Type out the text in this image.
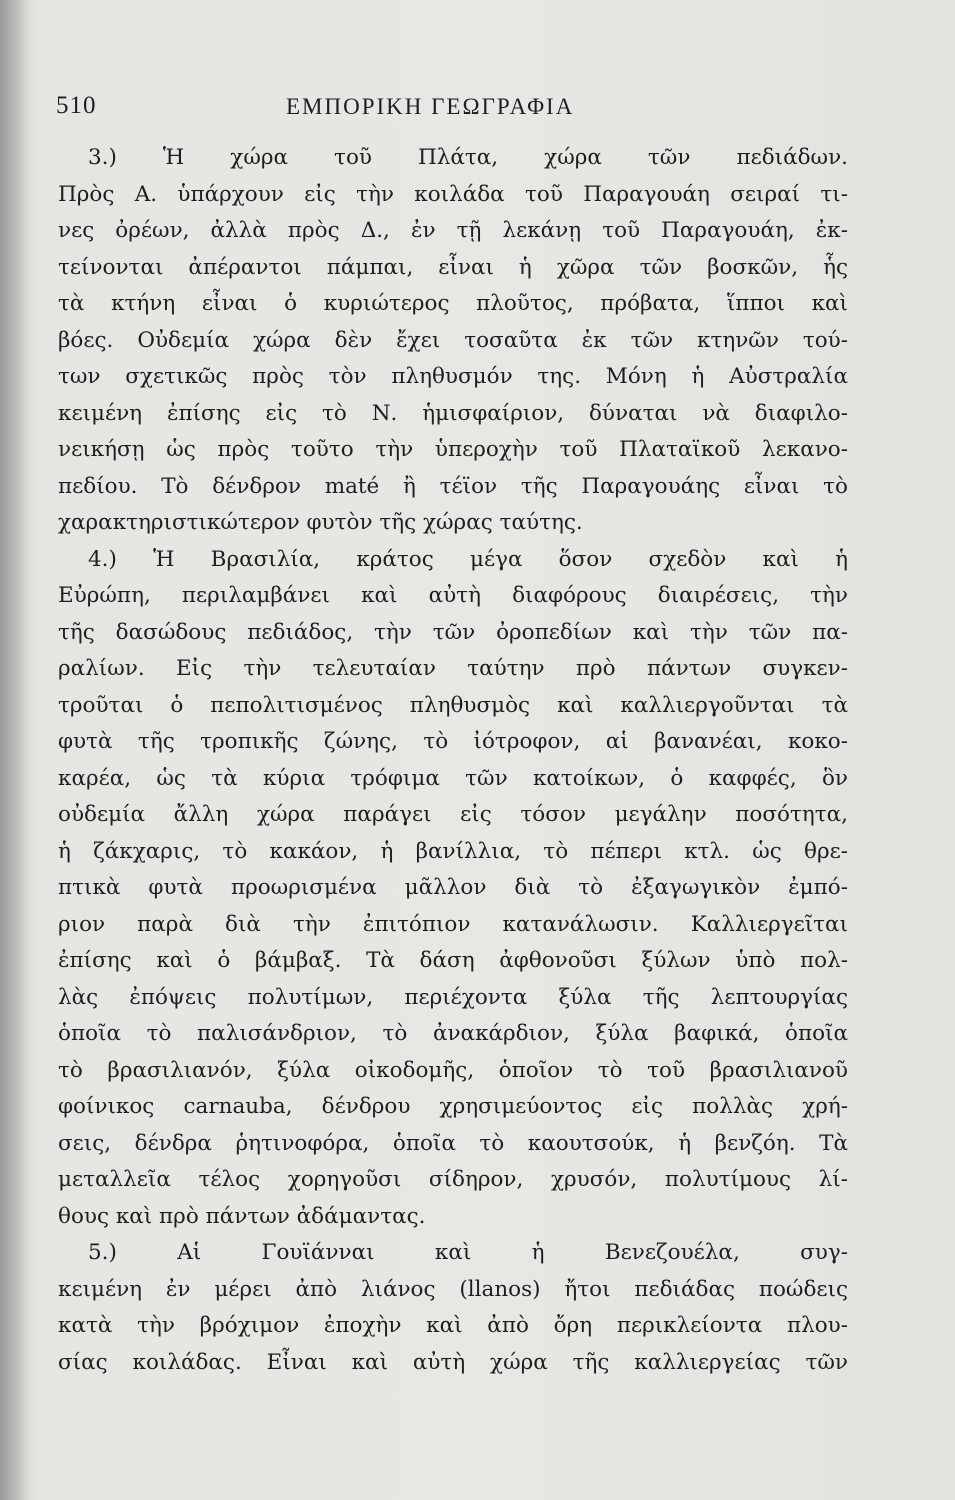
510	ΕΜΠΟΡΙΚΗ ΓΕΩΓΡΑΦΙΑ
3.) Ἡ χώρα τοῦ Πλάτα, χώρα τῶν πεδιάδων.
Πρὸς Α. ὑπάρχουν εἰς τὴν κοιλάδα τοῦ Παραγουάη σειραί τι-
νες ὀρέων, ἀλλὰ πρὸς Δ., ἐν τῇ λεκάνῃ τοῦ Παραγουάη, ἐκ-
τείνονται ἀπέραντοι πάμπαι, εἶναι ἡ χῶρα τῶν βοσκῶν, ἧς
τὰ κτήνη εἶναι ὁ κυριώτερος πλοῦτος, πρόβατα, ἵπποι καὶ
βόες. Οὐδεμία χώρα δὲν ἔχει τοσαῦτα ἐκ τῶν κτηνῶν τού-
των σχετικῶς πρὸς τὸν πληθυσμόν της. Μόνη ἡ Αὐστραλία
κειμένη ἐπίσης εἰς τὸ Ν. ἡμισφαίριον, δύναται νὰ διαφιλο-
νεικήσῃ ὡς πρὸς τοῦτο τὴν ὑπεροχὴν τοῦ Πλαταϊκοῦ λεκανο-
πεδίου. Τὸ δένδρον maté ἢ τέϊον τῆς Παραγουάης εἶναι τὸ
χαρακτηριστικώτερον φυτὸν τῆς χώρας ταύτης.
4.) Ἡ Βρασιλία, κράτος μέγα ὅσον σχεδὸν καὶ ἡ
Εὐρώπη, περιλαμβάνει καὶ αὐτὴ διαφόρους διαιρέσεις, τὴν
τῆς δασώδους πεδιάδος, τὴν τῶν ὀροπεδίων καὶ τὴν τῶν πα-
ραλίων. Εἰς τὴν τελευταίαν ταύτην πρὸ πάντων συγκεν-
τροῦται ὁ πεπολιτισμένος πληθυσμὸς καὶ καλλιεργοῦνται τὰ
φυτὰ τῆς τροπικῆς ζώνης, τὸ ἰότροφον, αἱ βανανέαι, κοκο-
καρέα, ὡς τὰ κύρια τρόφιμα τῶν κατοίκων, ὁ καφφές, ὃν
οὐδεμία ἄλλη χώρα παράγει εἰς τόσον μεγάλην ποσότητα,
ἡ ζάκχαρις, τὸ κακάον, ἡ βανίλλια, τὸ πέπερι κτλ. ὡς θρε-
πτικὰ φυτὰ προωρισμένα μᾶλλον διὰ τὸ ἐξαγωγικὸν ἐμπό-
ριον παρὰ διὰ τὴν ἐπιτόπιον κατανάλωσιν. Καλλιεργεῖται
ἐπίσης καὶ ὁ βάμβαξ. Τὰ δάση ἀφθονοῦσι ξύλων ὑπὸ πολ-
λὰς ἐπόψεις πολυτίμων, περιέχοντα ξύλα τῆς λεπτουργίας
ὁποῖα τὸ παλισάνδριον, τὸ ἀνακάρδιον, ξύλα βαφικά, ὁποῖα
τὸ βρασιλιανόν, ξύλα οἰκοδομῆς, ὁποῖον τὸ τοῦ βρασιλιανοῦ
φοίνικος carnauba, δένδρου χρησιμεύοντος εἰς πολλὰς χρή-
σεις, δένδρα ῥητινοφόρα, ὁποῖα τὸ καουτσούκ, ἡ βενζόη. Τὰ
μεταλλεῖα τέλος χορηγοῦσι σίδηρον, χρυσόν, πολυτίμους λί-
θους καὶ πρὸ πάντων ἀδάμαντας.
5.) Αἱ Γουϊάνναι καὶ ἡ Βενεζουέλα, συγ-
κειμένη ἐν μέρει ἀπὸ λιάνος (llanos) ἤτοι πεδιάδας ποώδεις
κατὰ τὴν βρόχιμον ἐποχὴν καὶ ἀπὸ ὄρη περικλείοντα πλου-
σίας κοιλάδας. Εἶναι καὶ αὐτὴ χώρα τῆς καλλιεργείας τῶν
